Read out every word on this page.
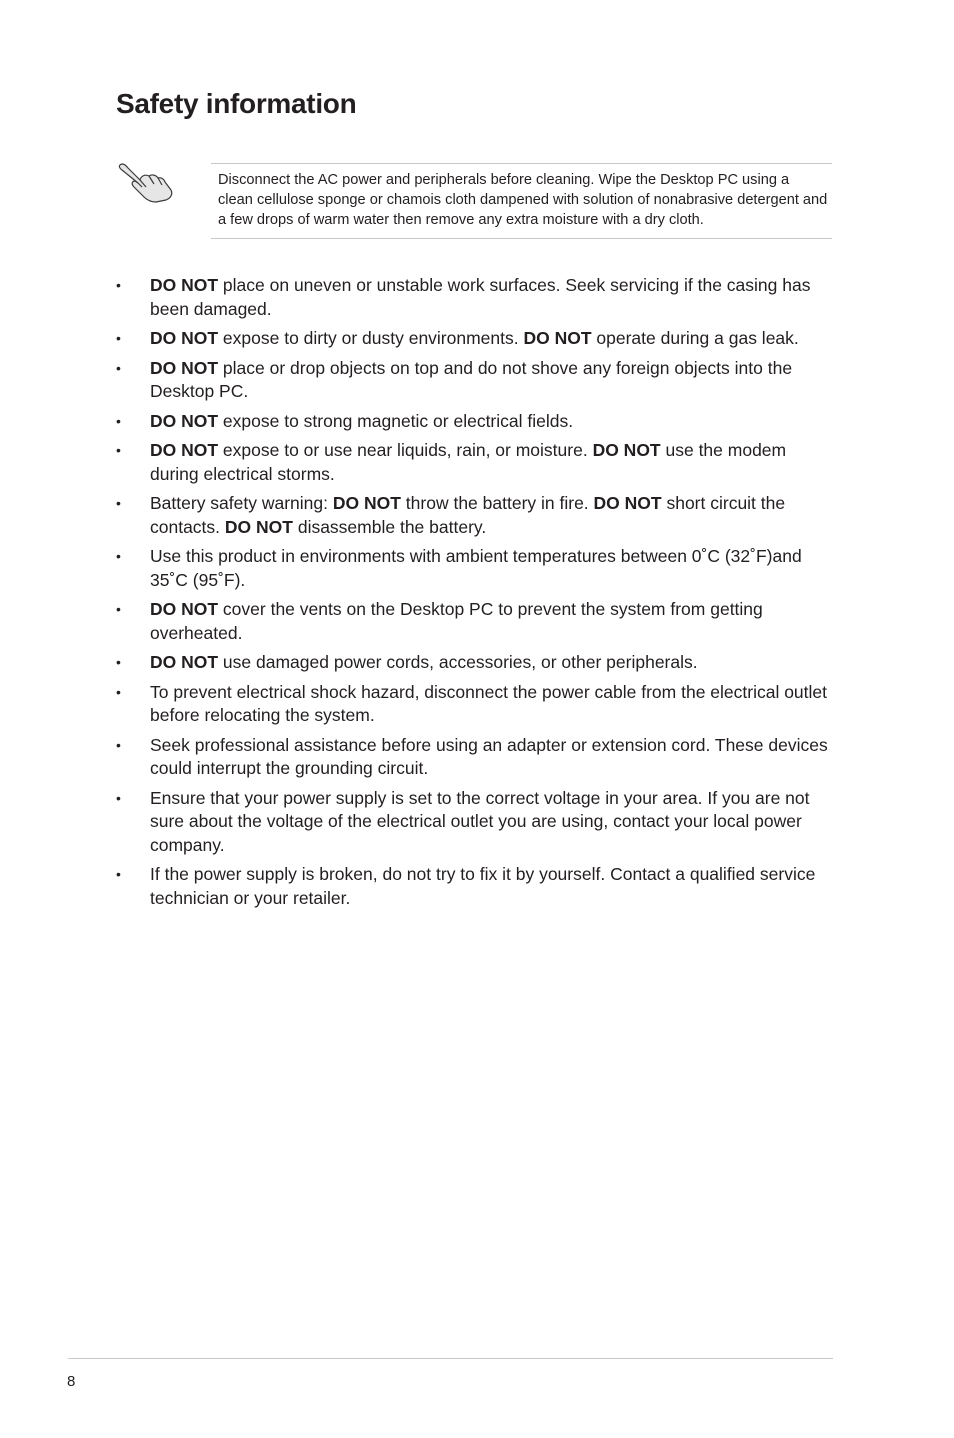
Safety information
Disconnect the AC power and peripherals before cleaning. Wipe the Desktop PC using a clean cellulose sponge or chamois cloth dampened with solution of nonabrasive detergent and a few drops of warm water then remove any extra moisture with a dry cloth.
• DO NOT place on uneven or unstable work surfaces. Seek servicing if the casing has been damaged.
• DO NOT expose to dirty or dusty environments. DO NOT operate during a gas leak.
• DO NOT place or drop objects on top and do not shove any foreign objects into the Desktop PC.
• DO NOT expose to strong magnetic or electrical fields.
• DO NOT expose to or use near liquids, rain, or moisture. DO NOT use the modem during electrical storms.
• Battery safety warning: DO NOT throw the battery in fire. DO NOT short circuit the contacts. DO NOT disassemble the battery.
• Use this product in environments with ambient temperatures between 0˚C (32˚F)and 35˚C (95˚F).
• DO NOT cover the vents on the Desktop PC to prevent the system from getting overheated.
• DO NOT use damaged power cords, accessories, or other peripherals.
• To prevent electrical shock hazard, disconnect the power cable from the electrical outlet before relocating the system.
• Seek professional assistance before using an adapter or extension cord. These devices could interrupt the grounding circuit.
• Ensure that your power supply is set to the correct voltage in your area. If you are not sure about the voltage of the electrical outlet you are using, contact your local power company.
• If the power supply is broken, do not try to fix it by yourself. Contact a qualified service technician or your retailer.
8
